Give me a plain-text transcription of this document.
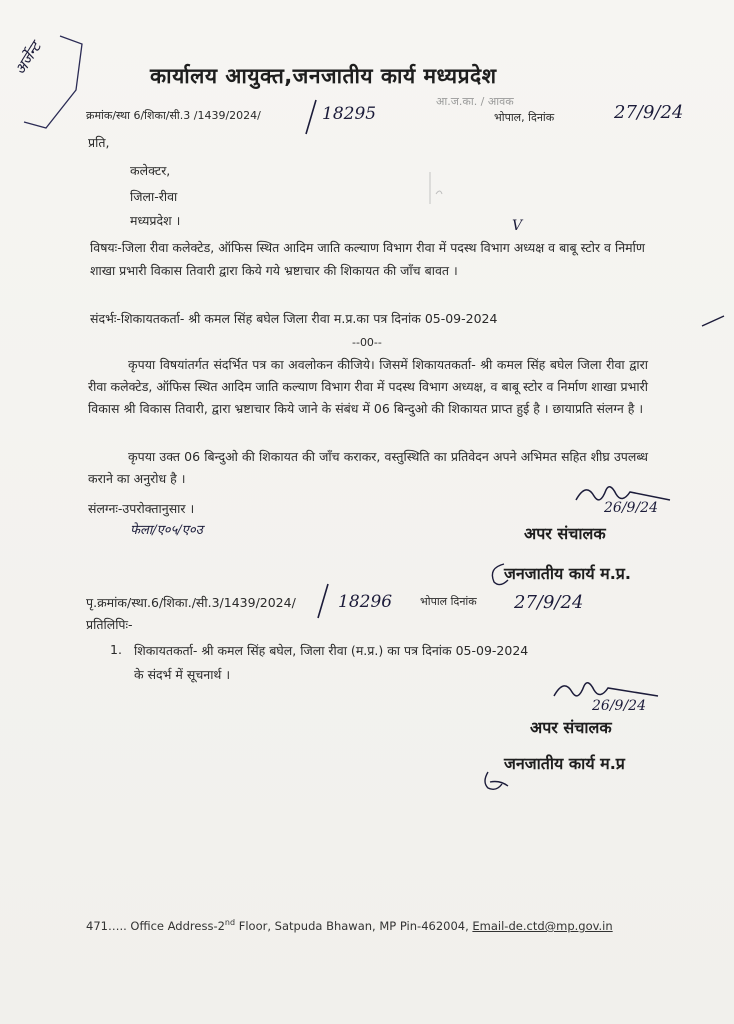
अर्जेन्ट	कार्यालय आयुक्त,जनजातीय कार्य मध्यप्रदेश
क्रमांक/स्था 6/शिका/सी.3 /1439/2024/	18295
आ.ज.का. / आवक
भोपाल, दिनांक	27/9/24
प्रति,
कलेक्टर,
जिला-रीवा
मध्यप्रदेश ।	V
विषयः-जिला रीवा कलेक्टेड, ऑफिस स्थित आदिम जाति कल्याण विभाग रीवा में पदस्थ विभाग अध्यक्ष व बाबू स्टोर व निर्माण शाखा प्रभारी विकास तिवारी द्वारा किये गये भ्रष्टाचार की शिकायत की जाँच बावत ।
संदर्भः-शिकायतकर्ता- श्री कमल सिंह बघेल जिला रीवा म.प्र.का पत्र दिनांक 05-09-2024
--00--
कृपया विषयांतर्गत संदर्भित पत्र का अवलोकन कीजिये। जिसमें शिकायतकर्ता- श्री कमल सिंह बघेल जिला रीवा द्वारा रीवा कलेक्टेड, ऑफिस स्थित आदिम जाति कल्याण विभाग रीवा में पदस्थ विभाग अध्यक्ष, व बाबू स्टोर व निर्माण शाखा प्रभारी विकास श्री विकास तिवारी, द्वारा भ्रष्टाचार किये जाने के संबंध में 06 बिन्दुओ की शिकायत प्राप्त हुई है । छायाप्रति संलग्न है ।
कृपया उक्त 06 बिन्दुओ की शिकायत की जाँच कराकर, वस्तुस्थिति का प्रतिवेदन अपने अभिमत सहित शीघ्र उपलब्ध कराने का अनुरोध है ।
संलग्नः-उपरोक्तानुसार ।
फेला/ए०५/ए०उ
26/9/24
अपर संचालक
जनजातीय कार्य म.प्र.
पृ.क्रमांक/स्था.6/शिका./सी.3/1439/2024/ 18296	भोपाल दिनांक 27/9/24
प्रतिलिपिः-
1. शिकायतकर्ता- श्री कमल सिंह बघेल, जिला रीवा (म.प्र.) का पत्र दिनांक 05-09-2024
के संदर्भ में सूचनार्थ ।
26/9/24
अपर संचालक
जनजातीय कार्य म.प्र
471….. Office Address-2nd Floor, Satpuda Bhawan, MP Pin-462004, Email-de.ctd@mp.gov.in
